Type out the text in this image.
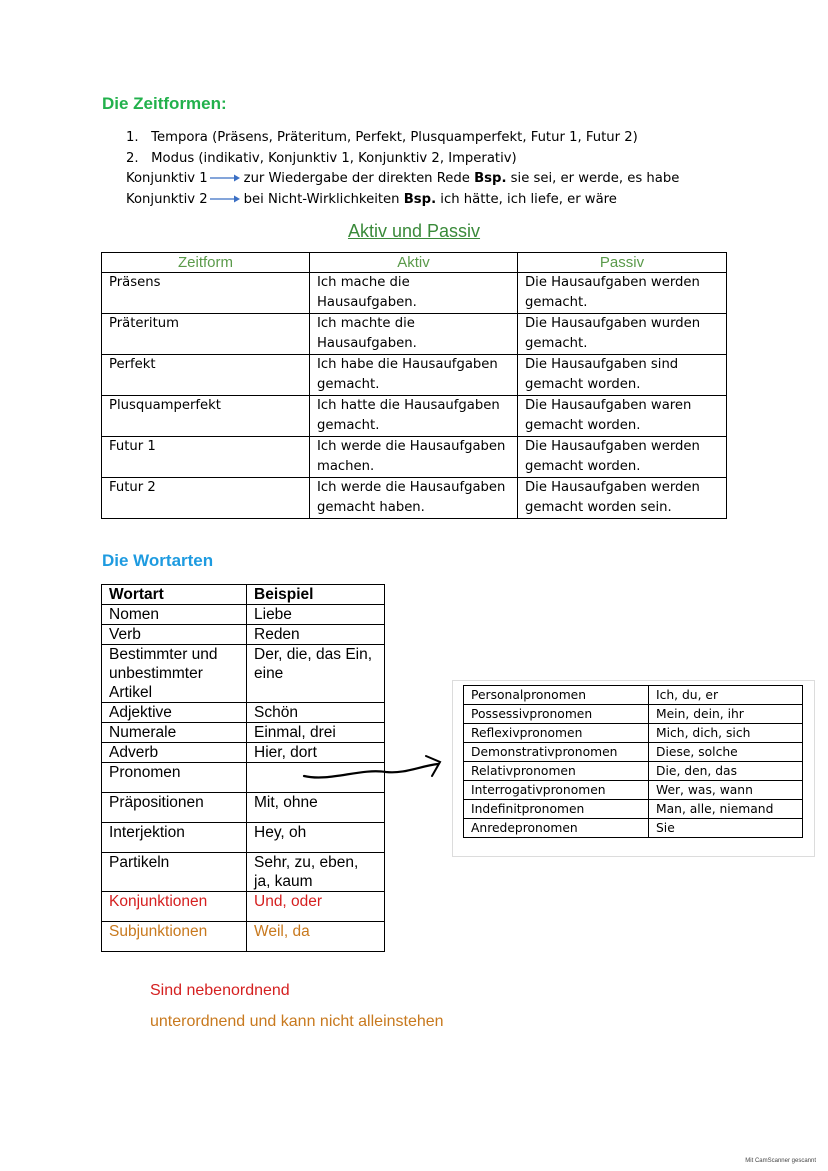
Die Zeitformen:
1. Tempora (Präsens, Präteritum, Perfekt, Plusquamperfekt, Futur 1, Futur 2)
2. Modus (indikativ, Konjunktiv 1, Konjunktiv 2, Imperativ)
Konjunktiv 1	zur Wiedergabe der direkten Rede Bsp. sie sei, er werde, es habe
Konjunktiv 2	bei Nicht-Wirklichkeiten Bsp. ich hätte, ich liefe, er wäre
Aktiv und Passiv
Zeitform	Aktiv	Passiv
Präsens	Ich mache die Hausaufgaben.	Die Hausaufgaben werden gemacht.
Präteritum	Ich machte die Hausaufgaben.	Die Hausaufgaben wurden gemacht.
Perfekt	Ich habe die Hausaufgaben gemacht.	Die Hausaufgaben sind gemacht worden.
Plusquamperfekt	Ich hatte die Hausaufgaben gemacht.	Die Hausaufgaben waren gemacht worden.
Futur 1	Ich werde die Hausaufgaben machen.	Die Hausaufgaben werden gemacht worden.
Futur 2	Ich werde die Hausaufgaben gemacht haben.	Die Hausaufgaben werden gemacht worden sein.
Die Wortarten
Wortart	Beispiel
Nomen	Liebe
Verb	Reden
Bestimmter und unbestimmter Artikel	Der, die, das Ein, eine
Adjektive	Schön
Numerale	Einmal, drei
Adverb	Hier, dort
Pronomen	
Präpositionen	Mit, ohne
Interjektion	Hey, oh
Partikeln	Sehr, zu, eben, ja, kaum
Konjunktionen	Und, oder
Subjunktionen	Weil, da
Personalpronomen	Ich, du, er
Possessivpronomen	Mein, dein, ihr
Reflexivpronomen	Mich, dich, sich
Demonstrativpronomen	Diese, solche
Relativpronomen	Die, den, das
Interrogativpronomen	Wer, was, wann
Indefinitpronomen	Man, alle, niemand
Anredepronomen	Sie
Sind nebenordnend
unterordnend und kann nicht alleinstehen
Mit CamScanner gescannt
